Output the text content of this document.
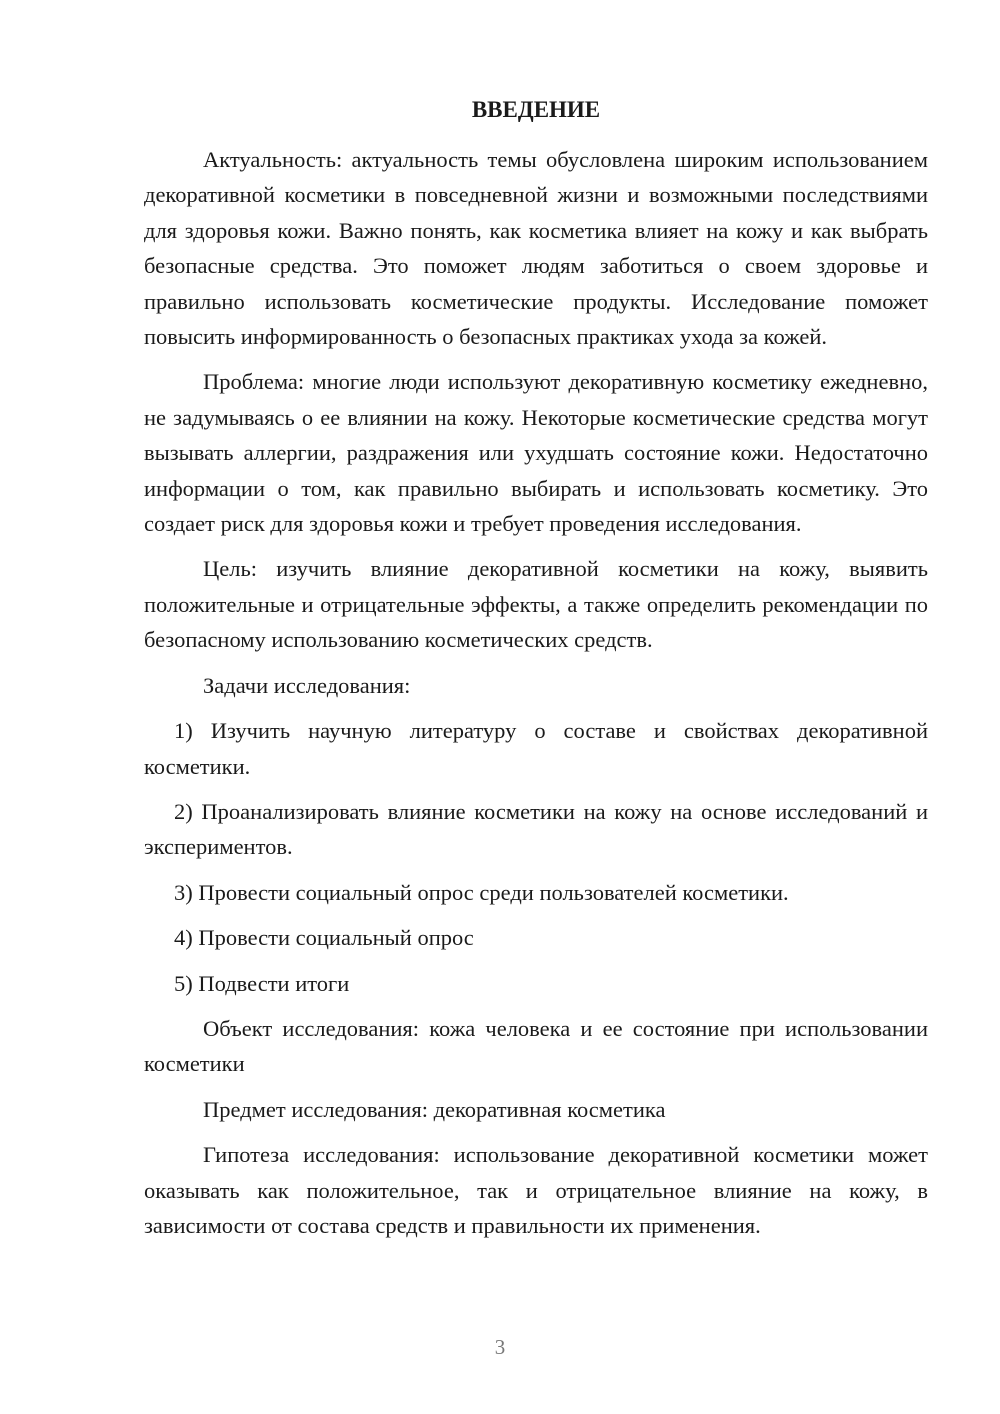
ВВЕДЕНИЕ

Актуальность: актуальность темы обусловлена широким использованием декоративной косметики в повседневной жизни и возможными последствиями для здоровья кожи. Важно понять, как косметика влияет на кожу и как выбрать безопасные средства. Это поможет людям заботиться о своем здоровье и правильно использовать косметические продукты. Исследование поможет повысить информированность о безопасных практиках ухода за кожей.

Проблема: многие люди используют декоративную косметику ежедневно, не задумываясь о ее влиянии на кожу. Некоторые косметические средства могут вызывать аллергии, раздражения или ухудшать состояние кожи. Недостаточно информации о том, как правильно выбирать и использовать косметику. Это создает риск для здоровья кожи и требует проведения исследования.

Цель: изучить влияние декоративной косметики на кожу, выявить положительные и отрицательные эффекты, а также определить рекомендации по безопасному использованию косметических средств.

Задачи исследования:

1) Изучить научную литературу о составе и свойствах декоративной косметики.

2) Проанализировать влияние косметики на кожу на основе исследований и экспериментов.

3) Провести социальный опрос среди пользователей косметики.

4) Провести социальный опрос

5) Подвести итоги

Объект исследования: кожа человека и ее состояние при использовании косметики

Предмет исследования: декоративная косметика

Гипотеза исследования: использование декоративной косметики может оказывать как положительное, так и отрицательное влияние на кожу, в зависимости от состава средств и правильности их применения.

3
